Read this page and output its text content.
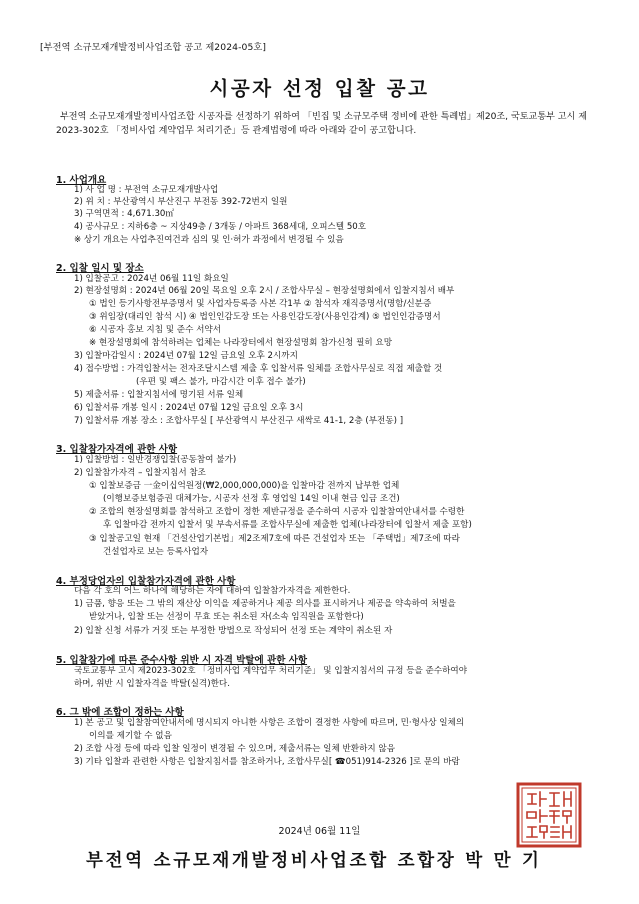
[부전역 소규모재개발정비사업조합 공고 제2024-05호]
시공자 선정 입찰 공고
부전역 소규모재개발정비사업조합 시공자를 선정하기 위하여 「빈집 및 소규모주택 정비에 관한 특례법」제20조, 국토교통부 고시 제2023-302호 「정비사업 계약업무 처리기준」등 관계법령에 따라 아래와 같이 공고합니다.
1. 사업개요
1) 사 업 명 : 부전역 소규모재개발사업
2) 위 치 : 부산광역시 부산진구 부전동 392-72번지 일원
3) 구역면적 : 4,671.30㎡
4) 공사규모 : 지하6층 ~ 지상49층 / 3개동 / 아파트 368세대, 오피스텔 50호
※ 상기 개요는 사업추진여건과 심의 및 인·허가 과정에서 변경될 수 있음
2. 입찰 일시 및 장소
1) 입찰공고 : 2024년 06월 11일 화요일
2) 현장설명회 : 2024년 06월 20일 목요일 오후 2시 / 조합사무실 – 현장설명회에서 입찰지침서 배부
① 법인 등기사항전부증명서 및 사업자등록증 사본 각1부 ② 참석자 재직증명서(명함/신분증
③ 위임장(대리인 참석 시) ④ 법인인감도장 또는 사용인감도장(사용인감계) ⑤ 법인인감증명서
⑥ 시공자 홍보 지침 및 준수 서약서
※ 현장설명회에 참석하려는 업체는 나라장터에서 현장설명회 참가신청 필히 요망
3) 입찰마감일시 : 2024년 07월 12일 금요일 오후 2시까지
4) 접수방법 : 가격입찰서는 전자조달시스템 제출 후 입찰서류 일체를 조합사무실로 직접 제출할 것
(우편 및 팩스 불가, 마감시간 이후 접수 불가)
5) 제출서류 : 입찰지침서에 명기된 서류 일체
6) 입찰서류 개봉 일시 : 2024년 07월 12일 금요일 오후 3시
7) 입찰서류 개봉 장소 : 조합사무실 [ 부산광역시 부산진구 새싹로 41-1, 2층 (부전동) ]
3. 입찰참가자격에 관한 사항
1) 입찰방법 : 일반경쟁입찰(공동참여 불가)
2) 입찰참가자격 – 입찰지침서 참조
① 입찰보증금 一金이십억원정(₩2,000,000,000)을 입찰마감 전까지 납부한 업체
(이행보증보험증권 대체가능, 시공자 선정 후 영업일 14일 이내 현금 입금 조건)
② 조합의 현장설명회를 참석하고 조합이 정한 제반규정을 준수하여 시공자 입찰참여안내서를 수령한
후 입찰마감 전까지 입찰서 및 부속서류를 조합사무실에 제출한 업체(나라장터에 입찰서 제출 포함)
③ 입찰공고일 현재 「건설산업기본법」제2조제7호에 따른 건설업자 또는 「주택법」제7조에 따라
건설업자로 보는 등록사업자
4. 부정당업자의 입찰참가자격에 관한 사항
다음 각 호의 어느 하나에 해당하는 자에 대하여 입찰참가자격을 제한한다.
1) 금품, 향응 또는 그 밖의 재산상 이익을 제공하거나 제공 의사를 표시하거나 제공을 약속하여 처벌을
받았거나, 입찰 또는 선정이 무효 또는 취소된 자(소속 임직원을 포함한다)
2) 입찰 신청 서류가 거짓 또는 부정한 방법으로 작성되어 선정 또는 계약이 취소된 자
5. 입찰참가에 따른 준수사항 위반 시 자격 박탈에 관한 사항
국토교통부 고시 제2023-302호 「정비사업 계약업무 처리기준」 및 입찰지침서의 규정 등을 준수하여야
하며, 위반 시 입찰자격을 박탈(실격)한다.
6. 그 밖에 조합이 정하는 사항
1) 본 공고 및 입찰참여안내서에 명시되지 아니한 사항은 조합이 결정한 사항에 따르며, 민·형사상 일체의
이의를 제기할 수 없음
2) 조합 사정 등에 따라 입찰 일정이 변경될 수 있으며, 제출서류는 일체 반환하지 않음
3) 기타 입찰과 관련한 사항은 입찰지침서를 참조하거나, 조합사무실[ ☎051)914-2326 ]로 문의 바람
2024년 06월 11일
부전역 소규모재개발정비사업조합 조합장 박 만 기
